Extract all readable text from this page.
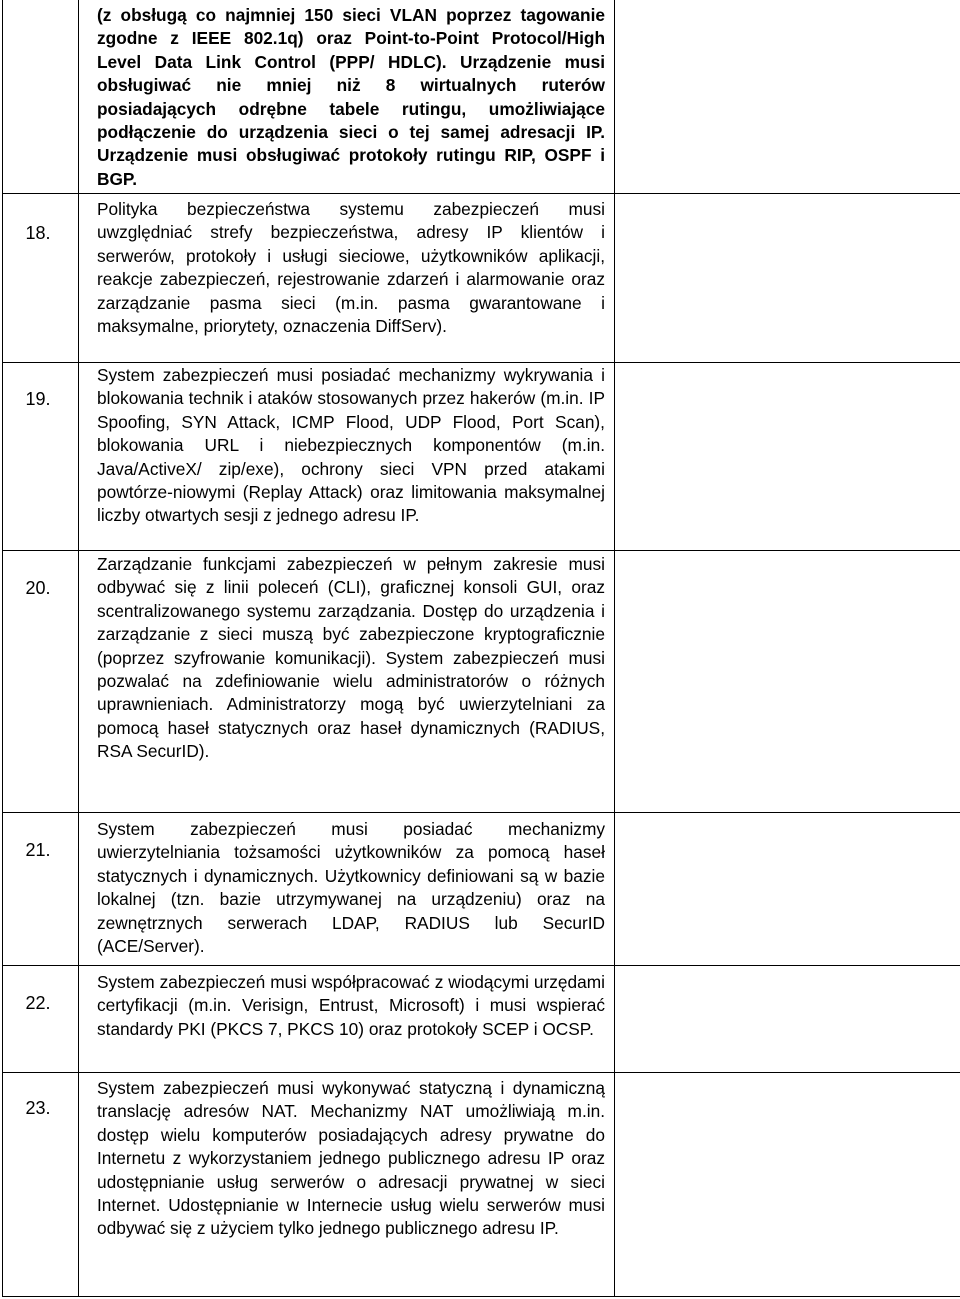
(z obsługą co najmniej 150 sieci VLAN poprzez tagowanie zgodne z IEEE 802.1q) oraz Point-to-Point Protocol/High Level Data Link Control (PPP/ HDLC). Urządzenie musi obsługiwać nie mniej niż 8 wirtualnych ruterów posiadających odrębne tabele rutingu, umożliwiające podłączenie do urządzenia sieci o tej samej adresacji IP. Urządzenie musi obsługiwać protokoły rutingu RIP, OSPF i BGP.
18.
Polityka bezpieczeństwa systemu zabezpieczeń musi uwzględniać strefy bezpieczeństwa, adresy IP klientów i serwerów, protokoły i usługi sieciowe, użytkowników aplikacji, reakcje zabezpieczeń, rejestrowanie zdarzeń i alarmowanie oraz zarządzanie pasma sieci (m.in. pasma gwarantowane i maksymalne, priorytety, oznaczenia DiffServ).
19.
System zabezpieczeń musi posiadać mechanizmy wykrywania i blokowania technik i ataków stosowanych przez hakerów (m.in. IP Spoofing, SYN Attack, ICMP Flood, UDP Flood, Port Scan), blokowania URL i niebezpiecznych komponentów (m.in. Java/ActiveX/ zip/exe), ochrony sieci VPN przed atakami powtórze-niowymi (Replay Attack) oraz limitowania maksymalnej liczby otwartych sesji z jednego adresu IP.
20.
Zarządzanie funkcjami zabezpieczeń w pełnym zakresie musi odbywać się z linii poleceń (CLI), graficznej konsoli GUI, oraz scentralizowanego systemu zarządzania. Dostęp do urządzenia i zarządzanie z sieci muszą być zabezpieczone kryptograficznie (poprzez szyfrowanie komunikacji). System zabezpieczeń musi pozwalać na zdefiniowanie wielu administratorów o różnych uprawnieniach. Administratorzy mogą być uwierzytelniani za pomocą haseł statycznych oraz haseł dynamicznych (RADIUS, RSA SecurID).
21.
System zabezpieczeń musi posiadać mechanizmy uwierzytelniania tożsamości użytkowników za pomocą haseł statycznych i dynamicznych. Użytkownicy definiowani są w bazie lokalnej (tzn. bazie utrzymywanej na urządzeniu) oraz na zewnętrznych serwerach LDAP, RADIUS lub SecurID (ACE/Server).
22.
System zabezpieczeń musi współpracować z wiodącymi urzędami certyfikacji (m.in. Verisign, Entrust, Microsoft) i musi wspierać standardy PKI (PKCS 7, PKCS 10) oraz protokoły SCEP i OCSP.
23.
System zabezpieczeń musi wykonywać statyczną i dynamiczną translację adresów NAT. Mechanizmy NAT umożliwiają m.in. dostęp wielu komputerów posiadających adresy prywatne do Internetu z wykorzystaniem jednego publicznego adresu IP oraz udostępnianie usług serwerów o adresacji prywatnej w sieci Internet. Udostępnianie w Internecie usług wielu serwerów musi odbywać się z użyciem tylko jednego publicznego adresu IP.
